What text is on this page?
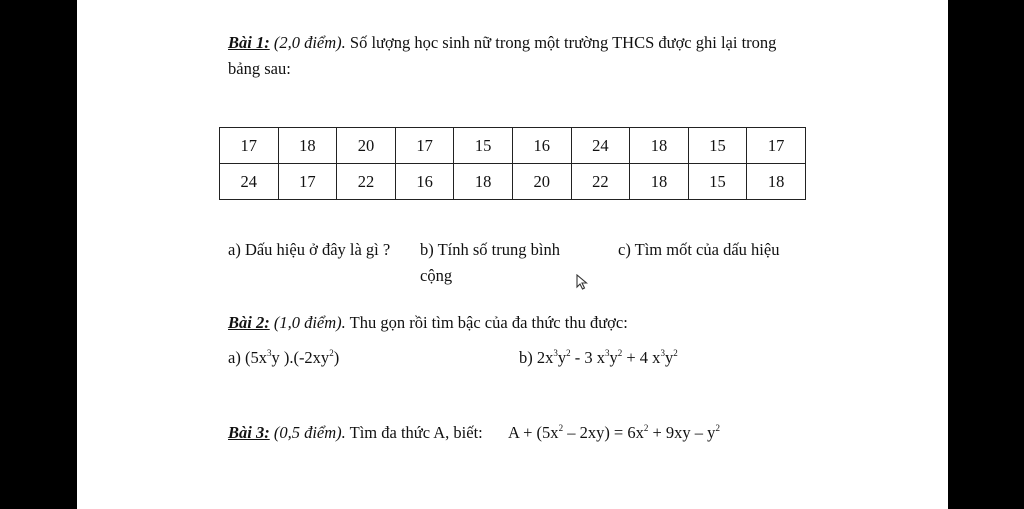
Bài 1: (2,0 điểm). Số lượng học sinh nữ trong một trường THCS được ghi lại trong
bảng sau:
17	18	20	17	15	16	24	18	15	17
24	17	22	16	18	20	22	18	15	18
a) Dấu hiệu ở đây là gì ? b) Tính số trung bình
cộng
c) Tìm mốt của dấu hiệu
Bài 2: (1,0 điểm). Thu gọn rồi tìm bậc của đa thức thu được:
a) ($5x^3y$ )$.(-2xy^2)$	b) $2x^3y^2 - 3$ $x^3y^2 + 4$ $x^3y^2$
Bài 3: (0,5 điểm). Tìm đa thức A, biết: $A + (5x^2 - 2xy) = 6x^2 + 9xy - y^2$
